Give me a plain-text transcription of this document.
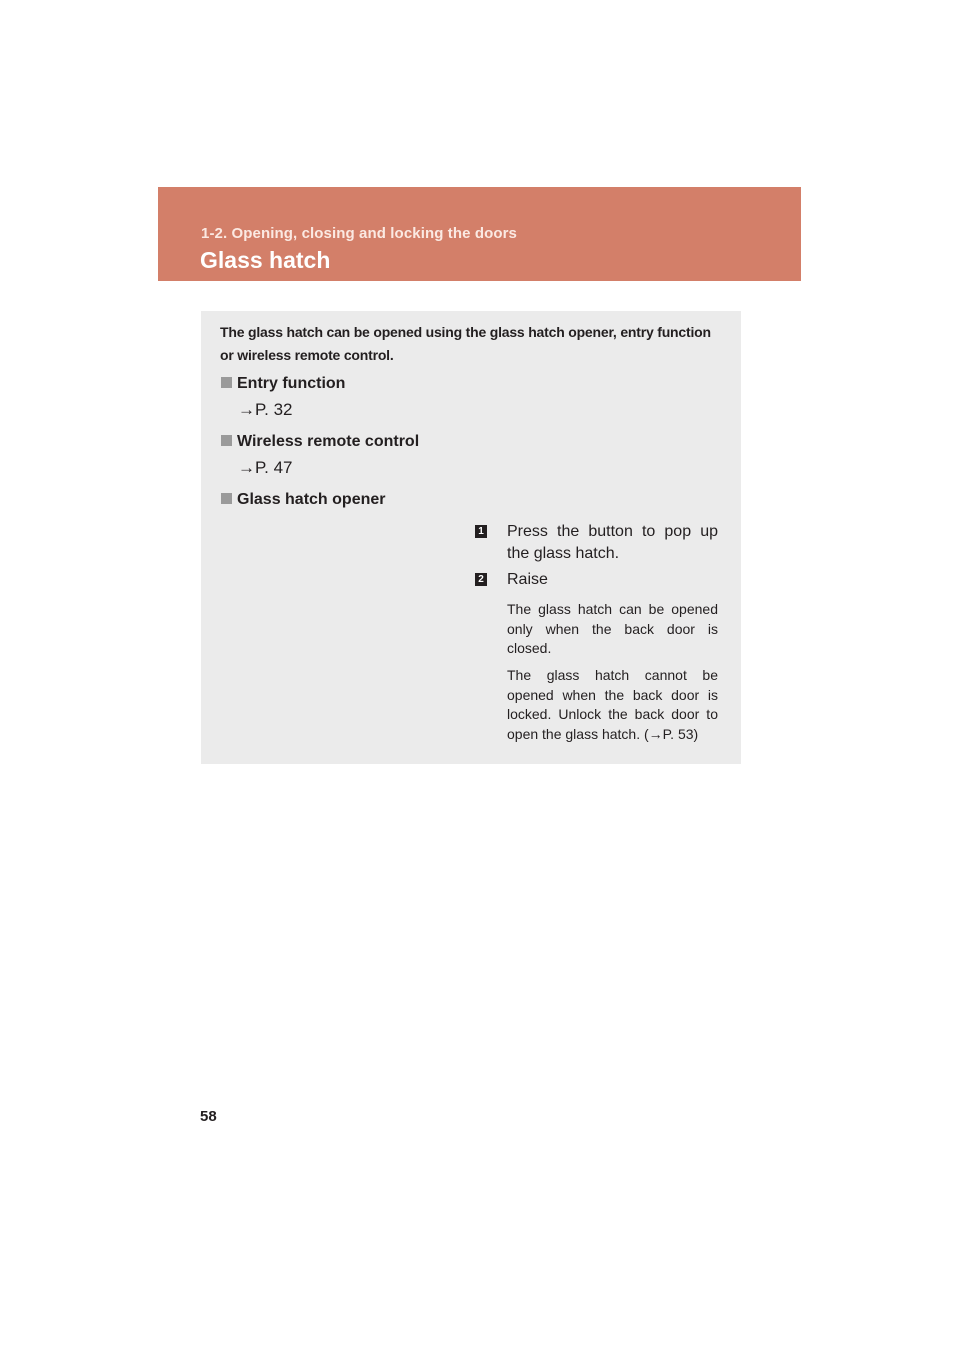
1-2. Opening, closing and locking the doors
Glass hatch
The glass hatch can be opened using the glass hatch opener, entry function or wireless remote control.
Entry function
→P. 32
Wireless remote control
→P. 47
Glass hatch opener
1 Press the button to pop up the glass hatch.
2 Raise
The glass hatch can be opened only when the back door is closed.
The glass hatch cannot be opened when the back door is locked. Unlock the back door to open the glass hatch. (→P. 53)
58
